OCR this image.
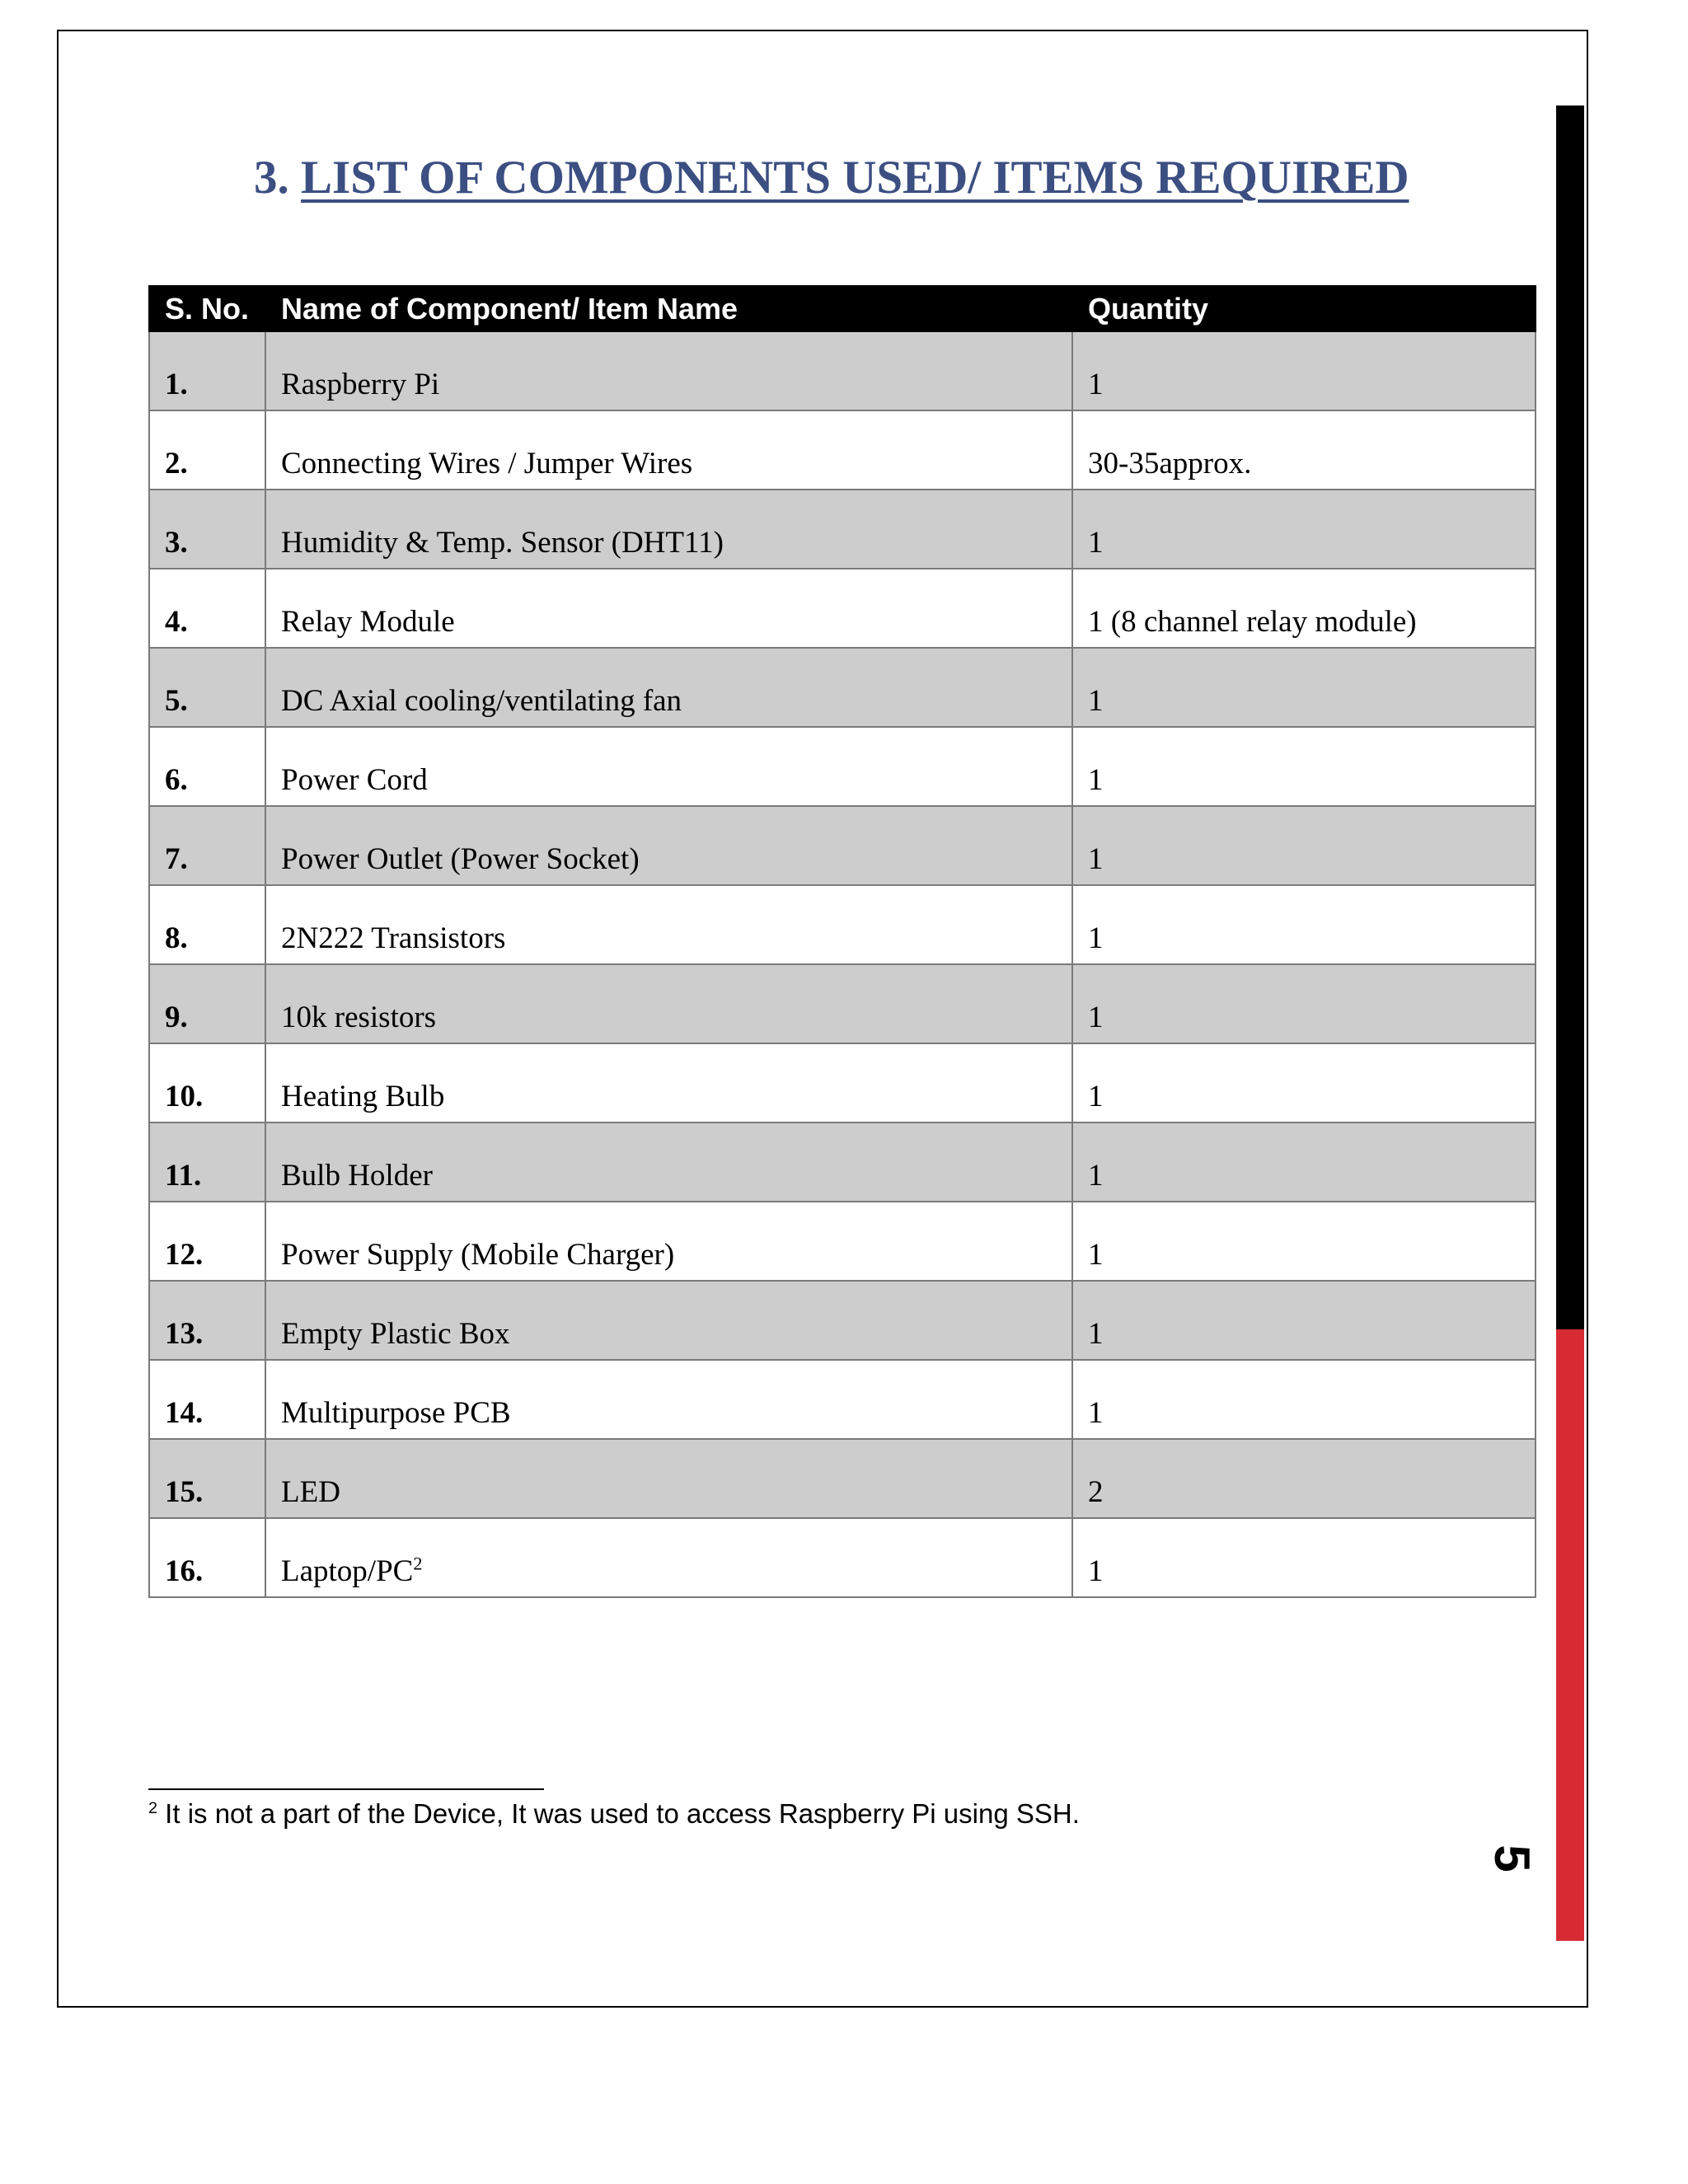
5
3. LIST OF COMPONENTS USED/ ITEMS REQUIRED
S. No.	Name of Component/ Item Name	Quantity
1.	Raspberry Pi	1
2.	Connecting Wires / Jumper Wires	30-35approx.
3.	Humidity & Temp. Sensor (DHT11)	1
4.	Relay Module	1 (8 channel relay module)
5.	DC Axial cooling/ventilating fan	1
6.	Power Cord	1
7.	Power Outlet (Power Socket)	1
8.	2N222 Transistors	1
9.	10k resistors	1
10.	Heating Bulb	1
11.	Bulb Holder	1
12.	Power Supply (Mobile Charger)	1
13.	Empty Plastic Box	1
14.	Multipurpose PCB	1
15.	LED	2
16.	Laptop/$PC^2$	1
$^2$ It is not a part of the Device, It was used to access Raspberry Pi using SSH.
